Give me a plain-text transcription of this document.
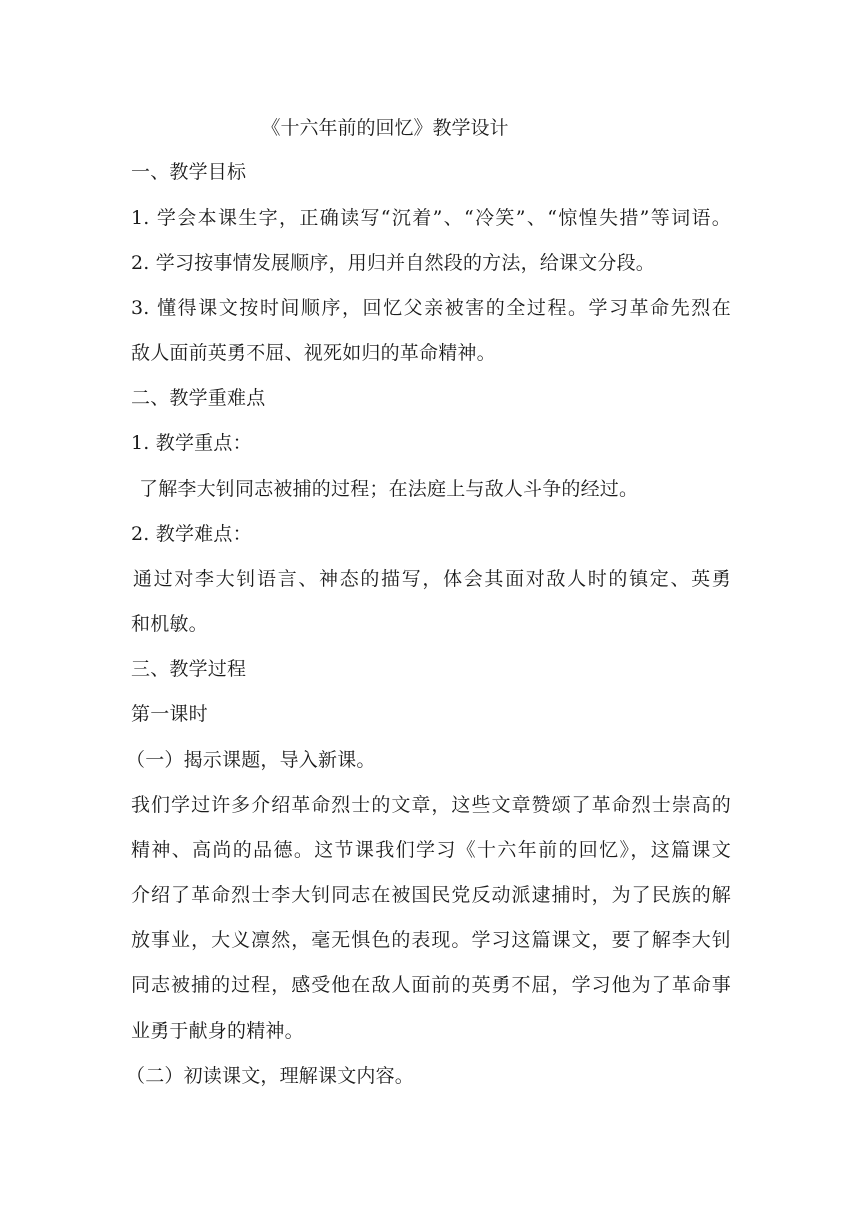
《十六年前的回忆》教学设计
一、教学目标
1. 学会本课生字，正确读写“沉着”、“冷笑”、“惊惶失措”等词语。
2. 学习按事情发展顺序，用归并自然段的方法，给课文分段。
3. 懂得课文按时间顺序，回忆父亲被害的全过程。学习革命先烈在
敌人面前英勇不屈、视死如归的革命精神。
二、教学重难点
1. 教学重点：
了解李大钊同志被捕的过程；在法庭上与敌人斗争的经过。
2. 教学难点：
通过对李大钊语言、神态的描写，体会其面对敌人时的镇定、英勇
和机敏。
三、教学过程
第一课时
（一）揭示课题，导入新课。
我们学过许多介绍革命烈士的文章，这些文章赞颂了革命烈士崇高的
精神、高尚的品德。这节课我们学习《十六年前的回忆》，这篇课文
介绍了革命烈士李大钊同志在被国民党反动派逮捕时，为了民族的解
放事业，大义凛然，毫无惧色的表现。学习这篇课文，要了解李大钊
同志被捕的过程，感受他在敌人面前的英勇不屈，学习他为了革命事
业勇于献身的精神。
（二）初读课文，理解课文内容。
